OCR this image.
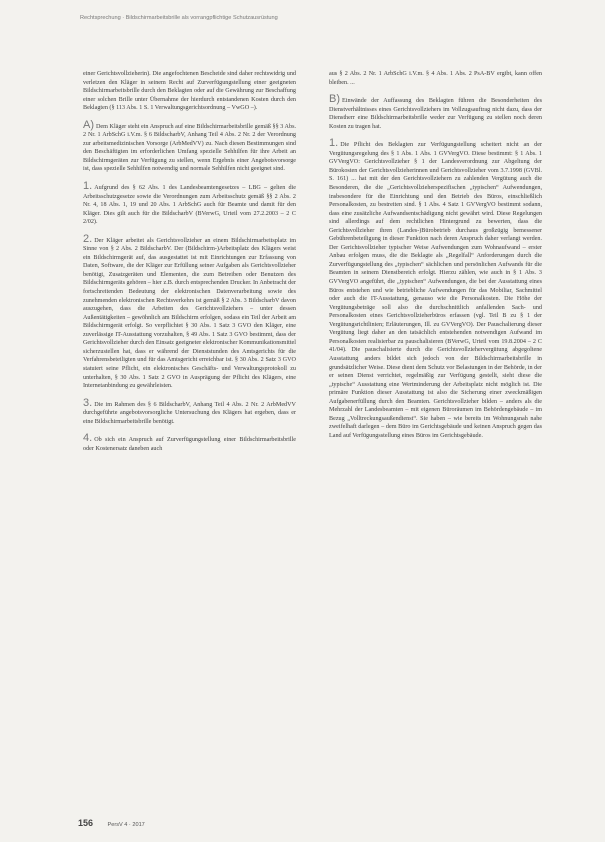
Rechtsprechung · Bildschirmarbeitsbrille als vorrangpflichtige Schutzausrüstung

einer Gerichtsvollzieherin). Die angefochtenen Bescheide sind daher rechtswidrig und verletzen den Kläger in seinem Recht auf Zurverfügungstellung einer geeigneten Bildschirmarbeitsbrille durch den Beklagten oder auf die Gewährung zur Beschaffung einer solchen Brille unter Übernahme der hierdurch entstandenen Kosten durch den Beklagten (§ 113 Abs. 1 S. 1 Verwaltungsgerichtsordnung – VwGO –).

A) Dem Kläger steht ein Anspruch auf eine Bildschirmarbeitsbrille gemäß §§ 3 Abs. 2 Nr. 1 ArbSchG i.V.m. § 6 BildscharbV, Anhang Teil 4 Abs. 2 Nr. 2 der Verordnung zur arbeitsmedizinischen Vorsorge (ArbMedVV) zu. Nach diesen Bestimmungen sind den Beschäftigten im erforderlichen Umfang spezielle Sehhilfen für ihre Arbeit an Bildschirmgeräten zur Verfügung zu stellen, wenn Ergebnis einer Angebotsvorsorge ist, dass spezielle Sehhilfen notwendig und normale Sehhilfen nicht geeignet sind.

1. Aufgrund des § 62 Abs. 1 des Landesbeamtengesetzes – LBG – gelten die Arbeitsschutzgesetze sowie die Verordnungen zum Arbeitsschutz gemäß §§ 2 Abs. 2 Nr. 4, 18 Abs. 1, 19 und 20 Abs. 1 ArbSchG auch für Beamte und damit für den Kläger. Dies gilt auch für die BildscharbV (BVerwG, Urteil vom 27.2.2003 – 2 C 2/02).

2. Der Kläger arbeitet als Gerichtsvollzieher an einem Bildschirmarbeitsplatz im Sinne von § 2 Abs. 2 BildscharbV. Der (Bildschirm-)Arbeitsplatz des Klägers weist ein Bildschirmgerät auf, das ausgestattet ist mit Einrichtungen zur Erfassung von Daten, Software, die der Kläger zur Erfüllung seiner Aufgaben als Gerichtsvollzieher benötigt, Zusatzgeräten und Elementen, die zum Betreiben oder Benutzen des Bildschirmgeräts gehören – hier z.B. durch entsprechenden Drucker. In Anbetracht der fortschreitenden Bedeutung der elektronischen Datenverarbeitung sowie des zunehmenden elektronischen Rechtsverkehrs ist gemäß § 2 Abs. 3 BildscharbV davon auszugehen, dass die Arbeiten des Gerichtsvollziehers – unter dessen Außentätigkeiten – gewöhnlich am Bildschirm erfolgen, sodass ein Teil der Arbeit am Bildschirmgerät erfolgt. So verpflichtet § 30 Abs. 1 Satz 3 GVO den Kläger, eine zuverlässige IT-Ausstattung vorzuhalten, § 49 Abs. 1 Satz 3 GVO bestimmt, dass der Gerichtsvollzieher durch den Einsatz geeigneter elektronischer Kommunikationsmittel sicherzustellen hat, dass er während der Dienststunden des Amtsgerichts für die Verfahrensbeteiligten und für das Amtsgericht erreichbar ist. § 30 Abs. 2 Satz 3 GVO statuiert seine Pflicht, ein elektronisches Geschäfts- und Verwaltungsprotokoll zu unterhalten, § 30 Abs. 1 Satz 2 GVO in Ausprägung der Pflicht des Klägers, eine Internetanbindung zu gewährleisten.

3. Die im Rahmen des § 6 BildscharbV, Anhang Teil 4 Abs. 2 Nr. 2 ArbMedVV durchgeführte angebotsvorsorgliche Untersuchung des Klägers hat ergeben, dass er eine Bildschirmarbeitsbrille benötigt.

4. Ob sich ein Anspruch auf Zurverfügungstellung einer Bildschirmarbeitsbrille oder Kostenersatz daneben auch

aus § 2 Abs. 2 Nr. 1 ArbSchG i.V.m. § 4 Abs. 1 Abs. 2 PsA-BV ergibt, kann offen bleiben. ...

B) Einwände der Auffassung des Beklagten führen die Besonderheiten des Dienstverhältnisses eines Gerichtsvollziehers im Vollzugsauftrag nicht dazu, dass der Dienstherr eine Bildschirmarbeitsbrille weder zur Verfügung zu stellen noch deren Kosten zu tragen hat.

1. Die Pflicht des Beklagten zur Verfügungstellung scheitert nicht an der Vergütungsregelung des § 1 Abs. 1 Abs. 1 GVVergVO. Diese bestimmt: § 1 Abs. 1 GVVergVO: Gerichtsvollzieher § 1 der Landesverordnung zur Abgeltung der Bürokosten der Gerichtsvollzieherinnen und Gerichtsvollzieher vom 3.7.1998 (GVBl. S. 161) ... hat mit der den Gerichtsvollziehern zu zahlenden Vergütung auch die Besonderen, die die „Gerichtsvollzieherspezifischen „typischen“ Aufwendungen, insbesondere für die Einrichtung und den Betrieb des Büros, einschließlich Personalkosten, zu bestreiten sind. § 1 Abs. 4 Satz 1 GVVergVO bestimmt sodann, dass eine zusätzliche Aufwandsentschädigung nicht gewährt wird. Diese Regelungen sind allerdings auf dem rechtlichen Hintergrund zu bewerten, dass die Gerichtsvollzieher ihren (Landes-)Bürobetrieb durchaus großzügig bemessener Gebührenbeteiligung in dieser Funktion nach deren Anspruch daher verlangt werden. Der Gerichtsvollzieher typischer Weise Aufwendungen zum Wohnaufwand – erster Anbau erfolgen muss, die die Beklagte als „Regelfall“ Anforderungen durch die Zurverfügungstellung des „typischen“ sächlichen und persönlichen Aufwands für die Beamten in seinem Dienstbereich erfolgt. Hierzu zählen, wie auch in § 1 Abs. 3 GVVergVO angeführt, die „typischen“ Aufwendungen, die bei der Ausstattung eines Büros entstehen und wie betriebliche Aufwendungen für das Mobiliar, Sachmittel oder auch die IT-Ausstattung, genauso wie die Personalkosten. Die Höhe der Vergütungsbeträge soll also die durchschnittlich anfallenden Sach- und Personalkosten eines Gerichtsvollzieherbüros erfassen (vgl. Teil B zu § 1 der Vergütungsrichtlinien; Erläuterungen, Ill. zu GVVergVO). Der Pauschalierung dieser Vergütung liegt daher an den tatsächlich entstehenden notwendigen Aufwand im Personalkosten realisierbar zu pauschalisieren (BVerwG, Urteil vom 19.8.2004 – 2 C 41/04). Die pauschalisierte durch die Gerichtsvollziehervergütung abgegoltene Ausstattung anders bildet sich jedoch von der Bildschirmarbeitsbrille in grundsätzlicher Weise. Diese dient dem Schutz vor Belastungen in der Behörde, in der er seinen Dienst verrichtet, regelmäßig zur Verfügung gestellt, sieht diese die „typische“ Ausstattung eine Wertminderung der Arbeitsplatz nicht möglich ist. Die primäre Funktion dieser Ausstattung ist also die Sicherung einer zweckmäßigen Aufgabenerfüllung durch den Beamten. Gerichtsvollzieher bilden – anders als die Mehrzahl der Landesbeamten – mit eigenen Büroräumen im Behördengebäude – im Bezug „Volltreckungsaußendienst“. Sie haben – wie bereits im Wohnungsnah nahe zweifelhaft darlegen – dem Büro im Gerichtsgebäude und keinen Anspruch gegen das Land auf Verfügungsstellung eines Büros im Gerichtsgebäude.

156	PersV 4 · 2017
